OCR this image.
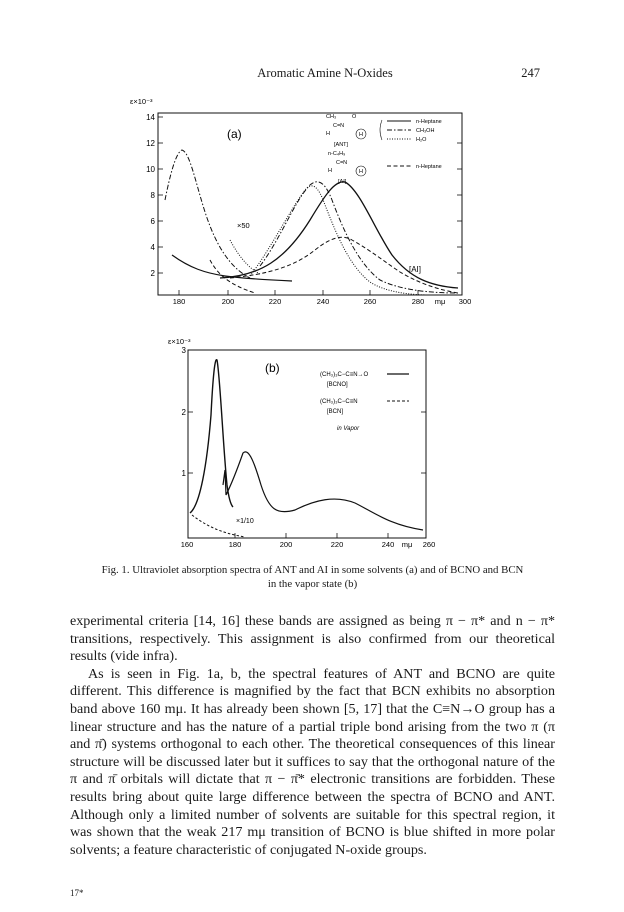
Aromatic Amine N-Oxides	247
ε×10⁻³
2
4
6
8
10
12
14
180	200	220	240	260	280 mμ 300
(a)
×50
[AI]
CH₃
C=N
H
O
H
[ANT]
n-Heptane
CH₃OH
H₂O
n-C₄H₉
C=N
H	H
[AI]
n-Heptane
ε×10⁻³
1
2
3
160	180	200	220	240 mμ 260
(b)	(CH₃)₃C−C≡N→O
[BCNO]
(CH₃)₃C−C≡N
[BCN]
in Vapor
×1/10
Fig. 1. Ultraviolet absorption spectra of ANT and AI in some solvents (a) and of BCNO and BCN
in the vapor state (b)

experimental criteria [14, 16] these bands are assigned as being π − π* and n − π* transitions, respectively. This assignment is also confirmed from our theoretical results (vide infra).

As is seen in Fig. 1a, b, the spectral features of ANT and BCNO are quite different. This difference is magnified by the fact that BCN exhibits no absorption band above 160 mμ. It has already been shown [5, 17] that the C≡N→O group has a linear structure and has the nature of a partial triple bond arising from the two π (π and π̄) systems orthogonal to each other. The theoretical consequences of this linear structure will be discussed later but it suffices to say that the orthogonal nature of the π and π̄ orbitals will dictate that π − π̄* electronic transitions are forbidden. These results bring about quite large difference between the spectra of BCNO and ANT. Although only a limited number of solvents are suitable for this spectral region, it was shown that the weak 217 mμ transition of BCNO is blue shifted in more polar solvents; a feature characteristic of conjugated N-oxide groups.

17*
